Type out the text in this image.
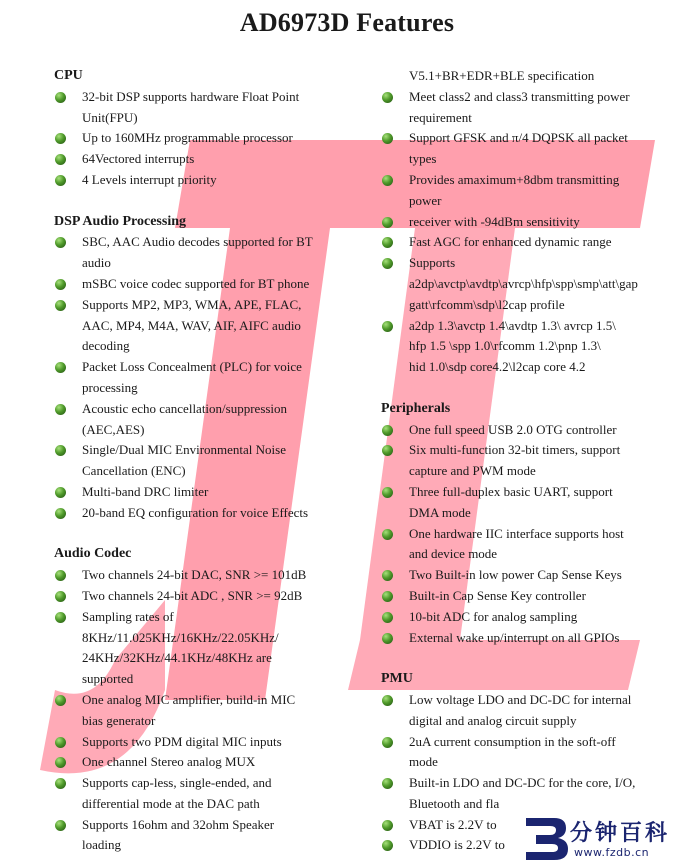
AD6973D Features
CPU
32-bit DSP supports hardware Float Point
Unit(FPU)
Up to 160MHz programmable processor
64Vectored interrupts
4 Levels interrupt priority
DSP Audio Processing
SBC, AAC Audio decodes supported for BT
audio
mSBC voice codec supported for BT phone
Supports MP2, MP3, WMA, APE, FLAC,
AAC, MP4, M4A, WAV, AIF, AIFC audio
decoding
Packet Loss Concealment (PLC) for voice
processing
Acoustic echo cancellation/suppression
(AEC,AES)
Single/Dual MIC Environmental Noise
Cancellation (ENC)
Multi-band DRC limiter
20-band EQ configuration for voice Effects
Audio Codec
Two channels 24-bit DAC, SNR >= 101dB
Two channels 24-bit ADC , SNR >= 92dB
Sampling rates of
8KHz/11.025KHz/16KHz/22.05KHz/
24KHz/32KHz/44.1KHz/48KHz are
supported
One analog MIC amplifier, build-in MIC
bias generator
Supports two PDM digital MIC inputs
One channel Stereo analog MUX
Supports cap-less, single-ended, and
differential mode at the DAC path
Supports 16ohm and 32ohm Speaker
loading
V5.1+BR+EDR+BLE specification
Meet class2 and class3 transmitting power
requirement
Support GFSK and π/4 DQPSK all packet
types
Provides amaximum+8dbm transmitting
power
receiver with -94dBm sensitivity
Fast AGC for enhanced dynamic range
Supports
a2dp\avctp\avdtp\avrcp\hfp\spp\smp\att\gap
gatt\rfcomm\sdp\l2cap profile
a2dp 1.3\avctp 1.4\avdtp 1.3\ avrcp 1.5\
hfp 1.5 \spp 1.0\rfcomm 1.2\pnp 1.3\
hid 1.0\sdp core4.2\l2cap core 4.2
Peripherals
One full speed USB 2.0 OTG controller
Six multi-function 32-bit timers, support
capture and PWM mode
Three full-duplex basic UART, support
DMA mode
One hardware IIC interface supports host
and device mode
Two Built-in low power Cap Sense Keys
Built-in Cap Sense Key controller
10-bit ADC for analog sampling
External wake up/interrupt on all GPIOs
PMU
Low voltage LDO and DC-DC for internal
digital and analog circuit supply
2uA current consumption in the soft-off
mode
Built-in LDO and DC-DC for the core, I/O,
Bluetooth and fla
VBAT is 2.2V to
VDDIO is 2.2V to	分钟百科
www.fzdb.cn
